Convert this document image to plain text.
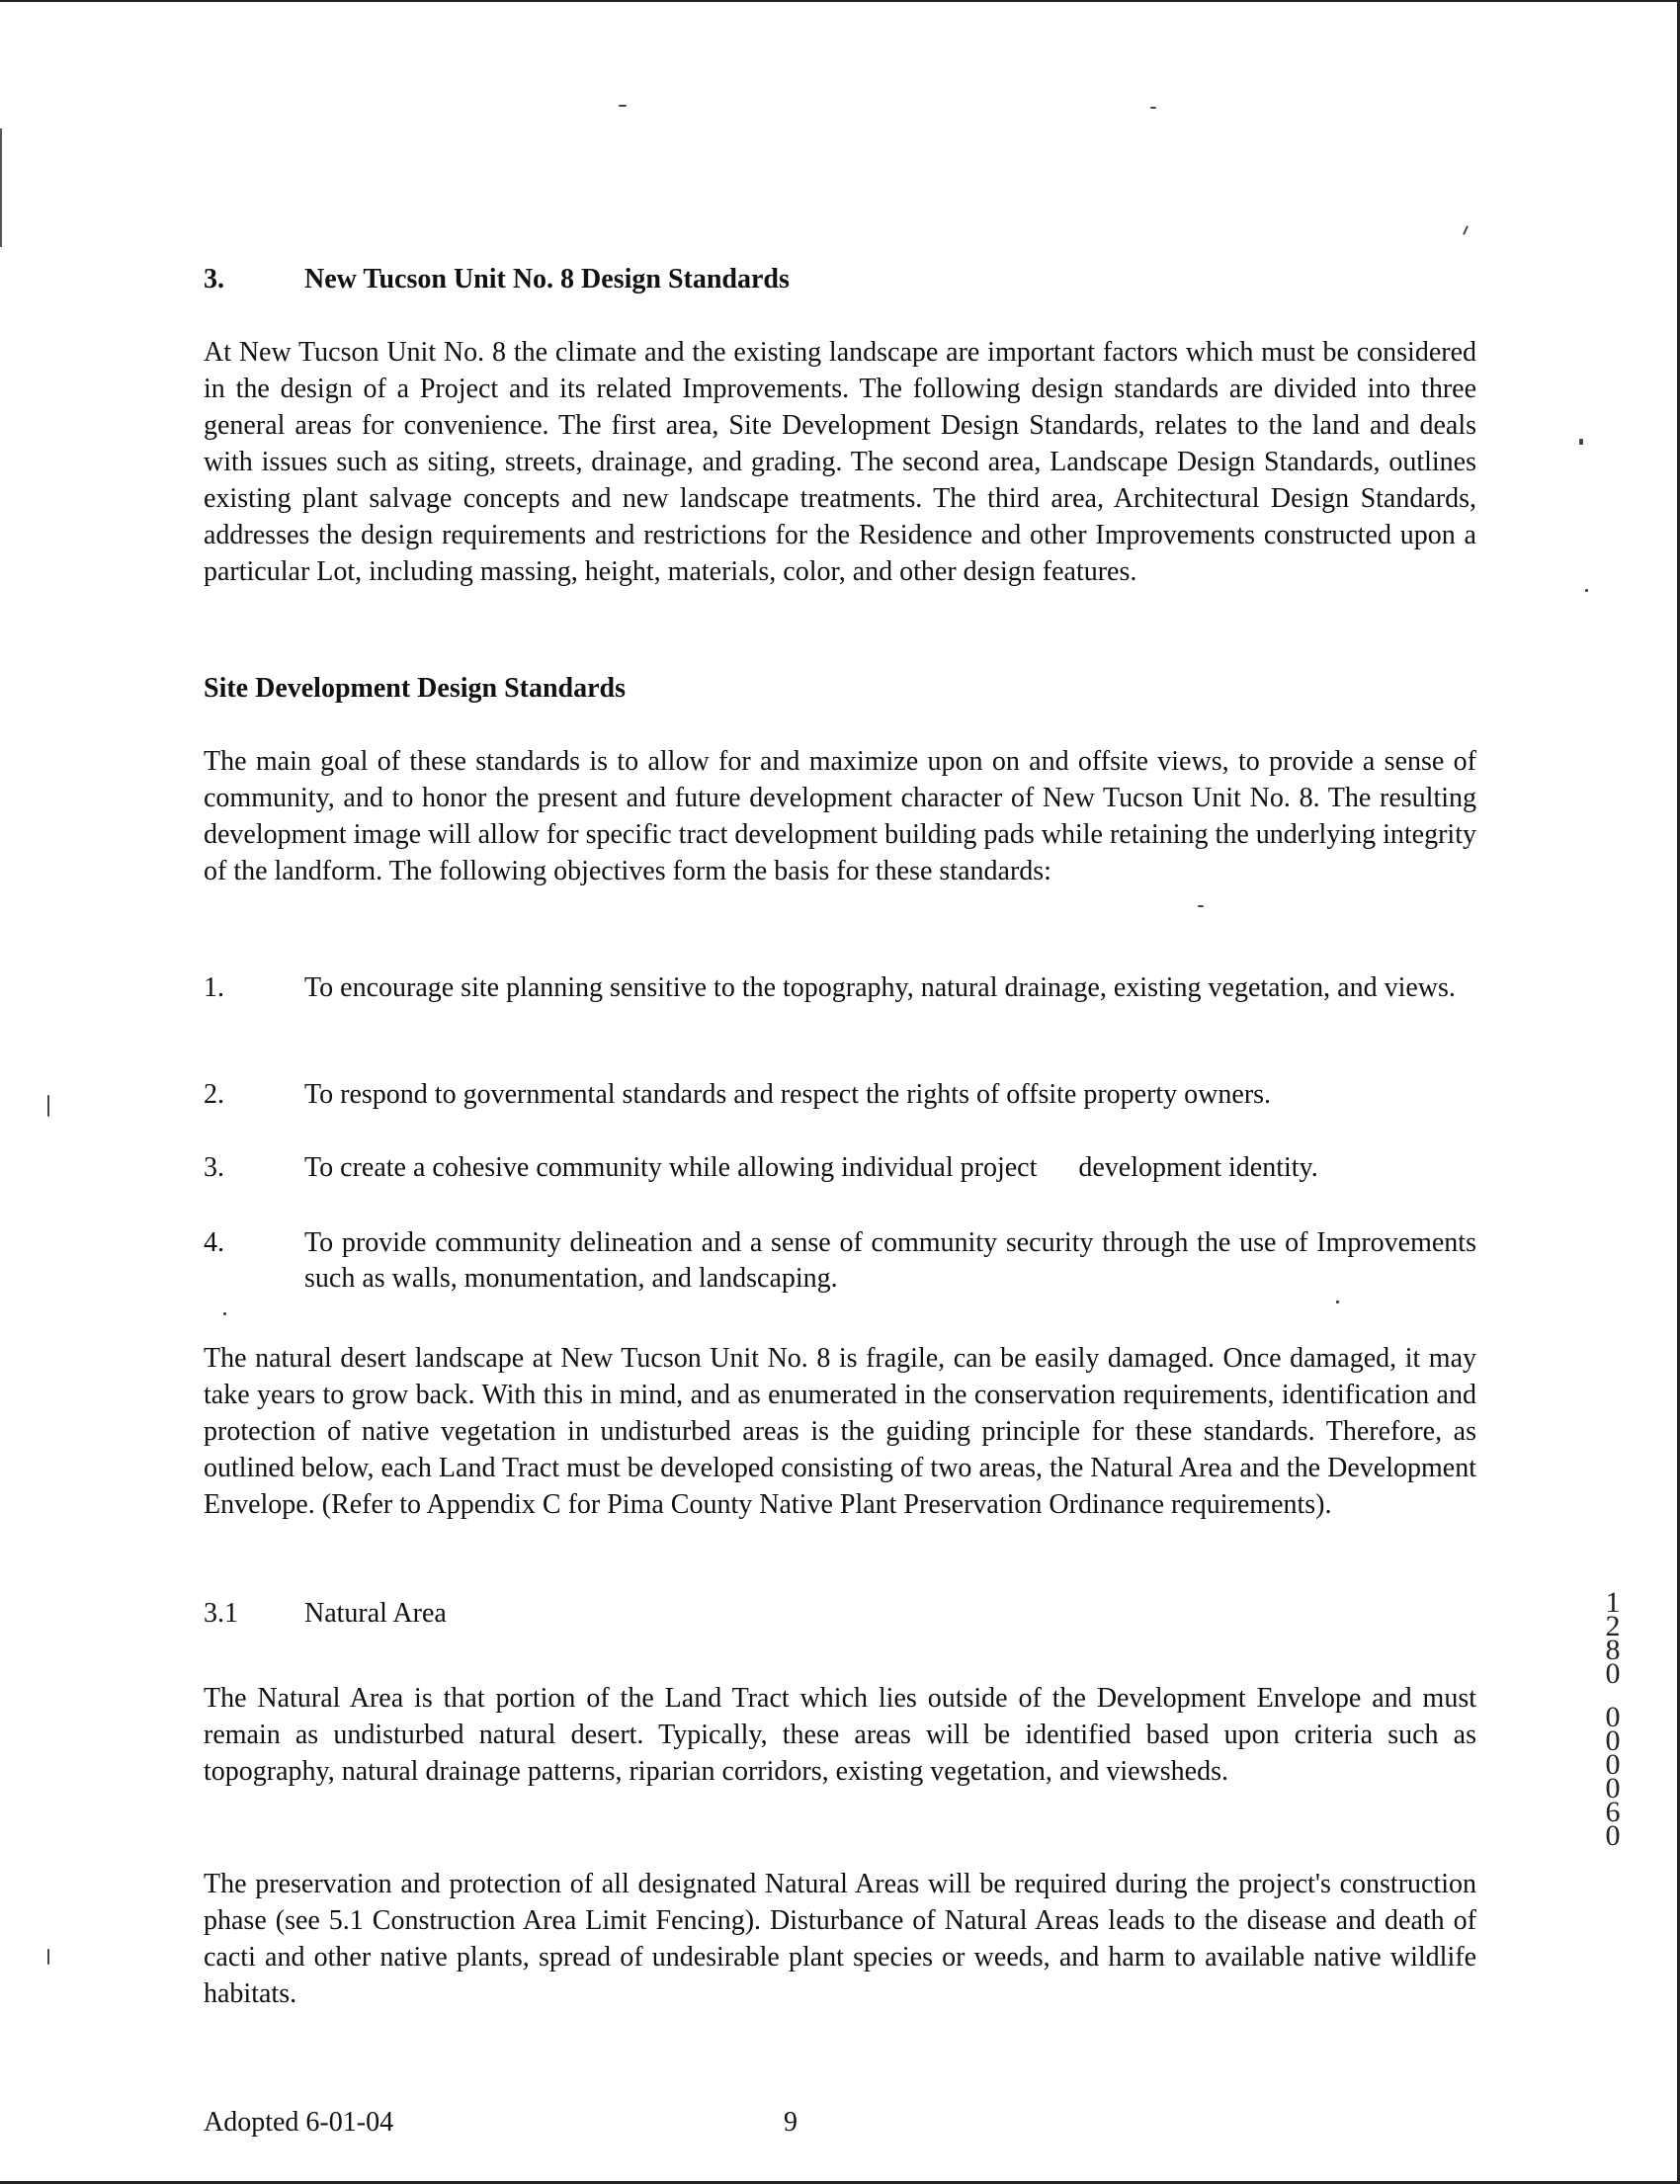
3.	New Tucson Unit No. 8 Design Standards

At New Tucson Unit No. 8 the climate and the existing landscape are important factors which must be considered in the design of a Project and its related Improvements. The following design standards are divided into three general areas for convenience. The first area, Site Development Design Standards, relates to the land and deals with issues such as siting, streets, drainage, and grading. The second area, Landscape Design Standards, outlines existing plant salvage concepts and new landscape treatments. The third area, Architectural Design Standards, addresses the design requirements and restrictions for the Residence and other Improvements constructed upon a particular Lot, including massing, height, materials, color, and other design features.

Site Development Design Standards

The main goal of these standards is to allow for and maximize upon on and offsite views, to provide a sense of community, and to honor the present and future development character of New Tucson Unit No. 8. The resulting development image will allow for specific tract development building pads while retaining the underlying integrity of the landform. The following objectives form the basis for these standards:

1.	To encourage site planning sensitive to the topography, natural drainage, existing vegetation, and views.
2.	To respond to governmental standards and respect the rights of offsite property owners.
3.	To create a cohesive community while allowing individual project      development identity.
4.	To provide community delineation and a sense of community security through the use of Improvements such as walls, monumentation, and landscaping.

The natural desert landscape at New Tucson Unit No. 8 is fragile, can be easily damaged. Once damaged, it may take years to grow back. With this in mind, and as enumerated in the conservation requirements, identification and protection of native vegetation in undisturbed areas is the guiding principle for these standards. Therefore, as outlined below, each Land Tract must be developed consisting of two areas, the Natural Area and the Development Envelope. (Refer to Appendix C for Pima County Native Plant Preservation Ordinance requirements).

3.1 Natural Area

The Natural Area is that portion of the Land Tract which lies outside of the Development Envelope and must remain as undisturbed natural desert. Typically, these areas will be identified based upon criteria such as topography, natural drainage patterns, riparian corridors, existing vegetation, and viewsheds.

The preservation and protection of all designated Natural Areas will be required during the project's construction phase (see 5.1 Construction Area Limit Fencing). Disturbance of Natural Areas leads to the disease and death of cacti and other native plants, spread of undesirable plant species or weeds, and harm to available native wildlife habitats.

Adopted 6-01-04	9
1
2
8
0
0
0
0
0
6
0
